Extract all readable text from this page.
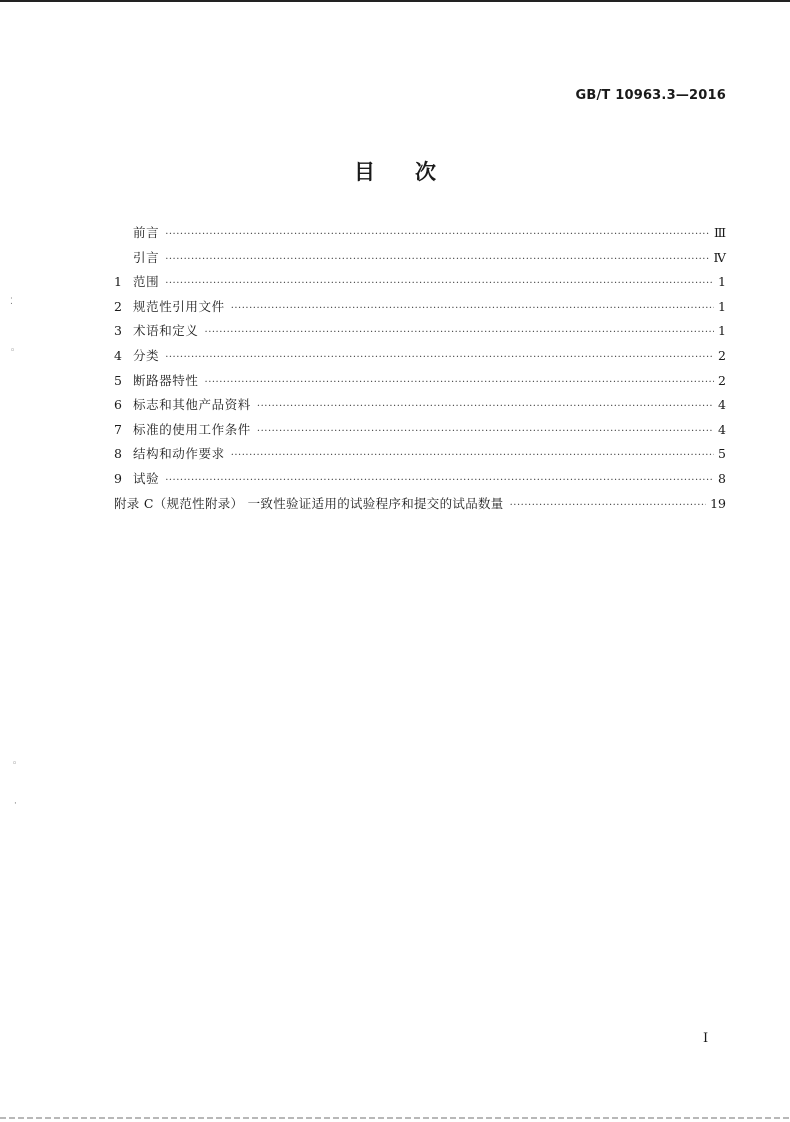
GB/T 10963.3—2016
目 次
前言 ·····	Ⅲ
引言 ·····	Ⅳ
1 范围 ·····	1
2 规范性引用文件 ·····	1
3 术语和定义 ·····	1
4 分类 ·····	2
5 断路器特性 ·····	2
6 标志和其他产品资料 ·····	4
7 标准的使用工作条件 ·····	4
8 结构和动作要求 ·····	5
9 试验 ·····	8
附录 C（规范性附录） 一致性验证适用的试验程序和提交的试品数量 ·····	19
⁚
◦
◦
·
I
